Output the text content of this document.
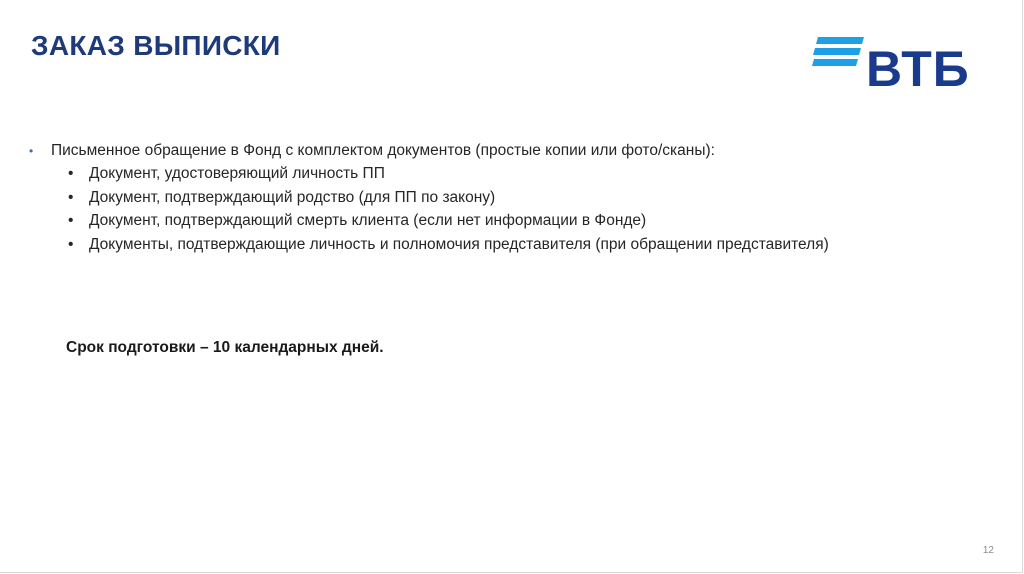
ЗАКАЗ ВЫПИСКИ	ВТБ
• Письменное обращение в Фонд с комплектом документов (простые копии или фото/сканы):
• Документ, удостоверяющий личность ПП
• Документ, подтверждающий родство (для ПП по закону)
• Документ, подтверждающий смерть клиента (если нет информации в Фонде)
• Документы, подтверждающие личность и полномочия представителя (при обращении представителя)
Срок подготовки – 10 календарных дней.
12
